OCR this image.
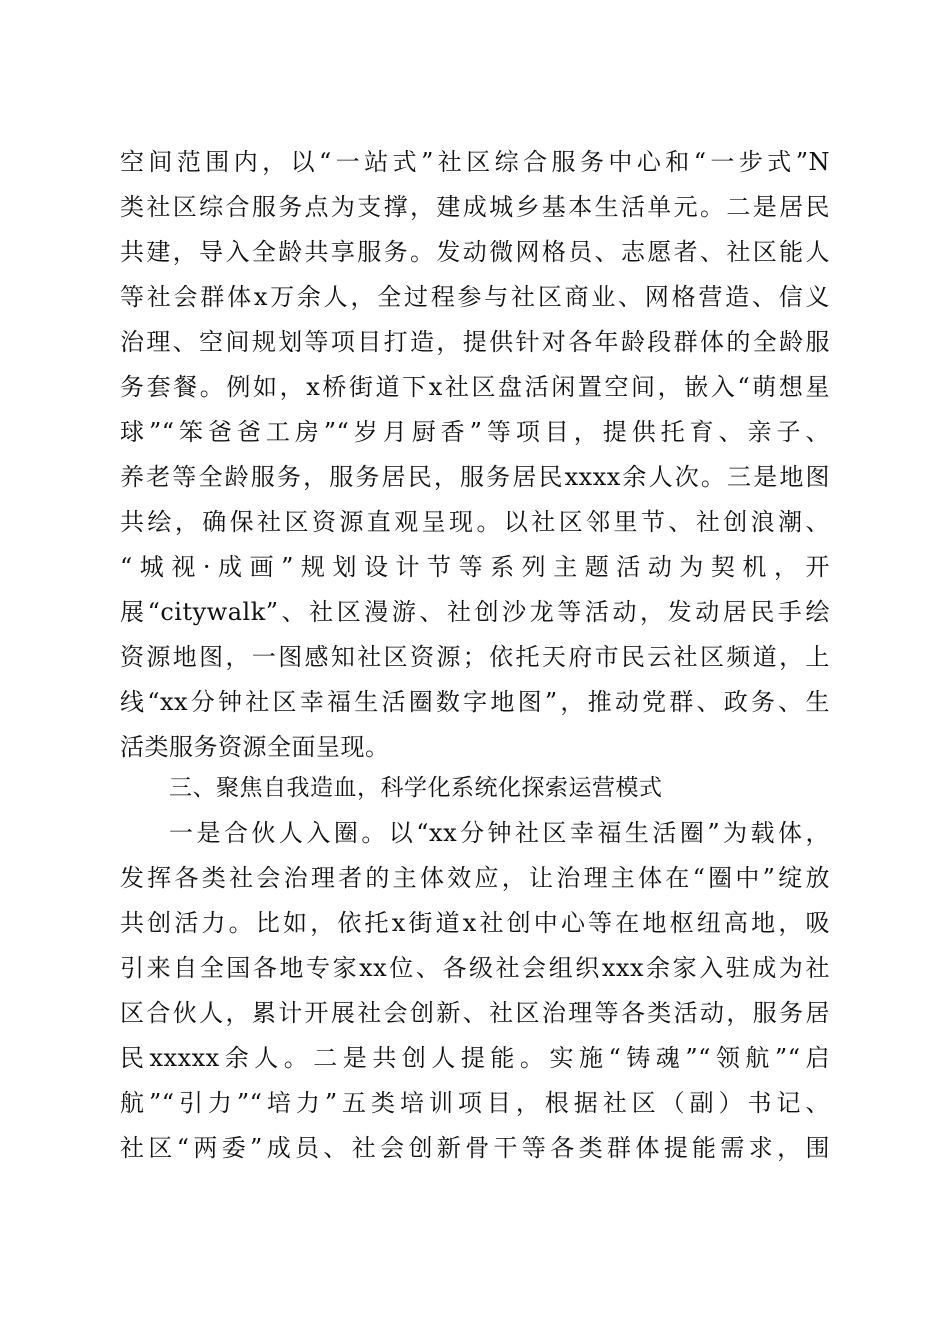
空间范围内，以“一站式”社区综合服务中心和“一步式”N
类社区综合服务点为支撑，建成城乡基本生活单元。二是居民
共建，导入全龄共享服务。发动微网格员、志愿者、社区能人
等社会群体x万余人，全过程参与社区商业、网格营造、信义
治理、空间规划等项目打造，提供针对各年龄段群体的全龄服
务套餐。例如，x桥街道下x社区盘活闲置空间，嵌入“萌想星
球”“笨爸爸工房”“岁月厨香”等项目，提供托育、亲子、
养老等全龄服务，服务居民，服务居民xxxx余人次。三是地图
共绘，确保社区资源直观呈现。以社区邻里节、社创浪潮、
“城视·成画”规划设计节等系列主题活动为契机，开
展“citywalk”、社区漫游、社创沙龙等活动，发动居民手绘
资源地图，一图感知社区资源；依托天府市民云社区频道，上
线“xx分钟社区幸福生活圈数字地图”，推动党群、政务、生
活类服务资源全面呈现。
三、聚焦自我造血，科学化系统化探索运营模式
一是合伙人入圈。以“xx分钟社区幸福生活圈”为载体，
发挥各类社会治理者的主体效应，让治理主体在“圈中”绽放
共创活力。比如，依托x街道x社创中心等在地枢纽高地，吸
引来自全国各地专家xx位、各级社会组织xxx余家入驻成为社
区合伙人，累计开展社会创新、社区治理等各类活动，服务居
民xxxxx余人。二是共创人提能。实施“铸魂”“领航”“启
航”“引力”“培力”五类培训项目，根据社区（副）书记、
社区“两委”成员、社会创新骨干等各类群体提能需求，围
